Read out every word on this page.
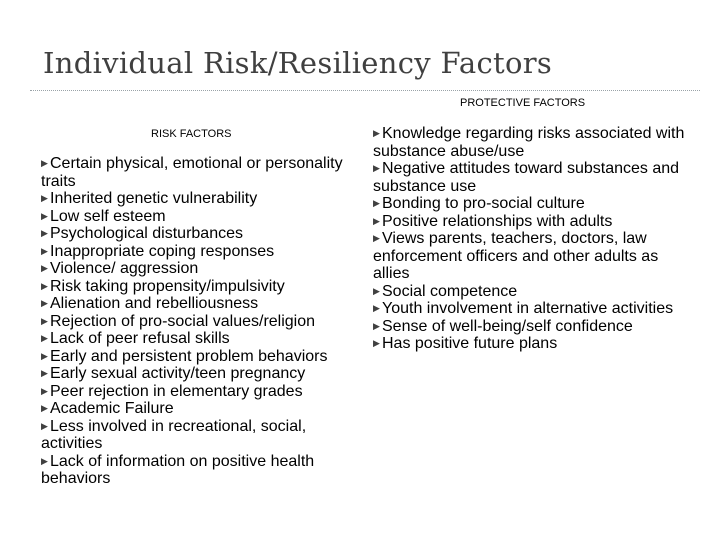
Individual Risk/Resiliency Factors
RISK FACTORS
▶ Certain physical, emotional or personality traits
▶ Inherited genetic vulnerability
▶ Low self esteem
▶ Psychological disturbances
▶ Inappropriate coping responses
▶ Violence/ aggression
▶ Risk taking propensity/impulsivity
▶ Alienation and rebelliousness
▶ Rejection of pro-social values/religion
▶ Lack of peer refusal skills
▶ Early and persistent problem behaviors
▶ Early sexual activity/teen pregnancy
▶ Peer rejection in elementary grades
▶ Academic Failure
▶ Less involved in recreational, social, activities
▶ Lack of information on positive health behaviors
PROTECTIVE FACTORS
▶ Knowledge regarding risks associated with substance abuse/use
▶ Negative attitudes toward substances and substance use
▶ Bonding to pro-social culture
▶ Positive relationships with adults
▶ Views parents, teachers, doctors, law enforcement officers and other adults as allies
▶ Social competence
▶ Youth involvement in alternative activities
▶ Sense of well-being/self confidence
▶ Has positive future plans
